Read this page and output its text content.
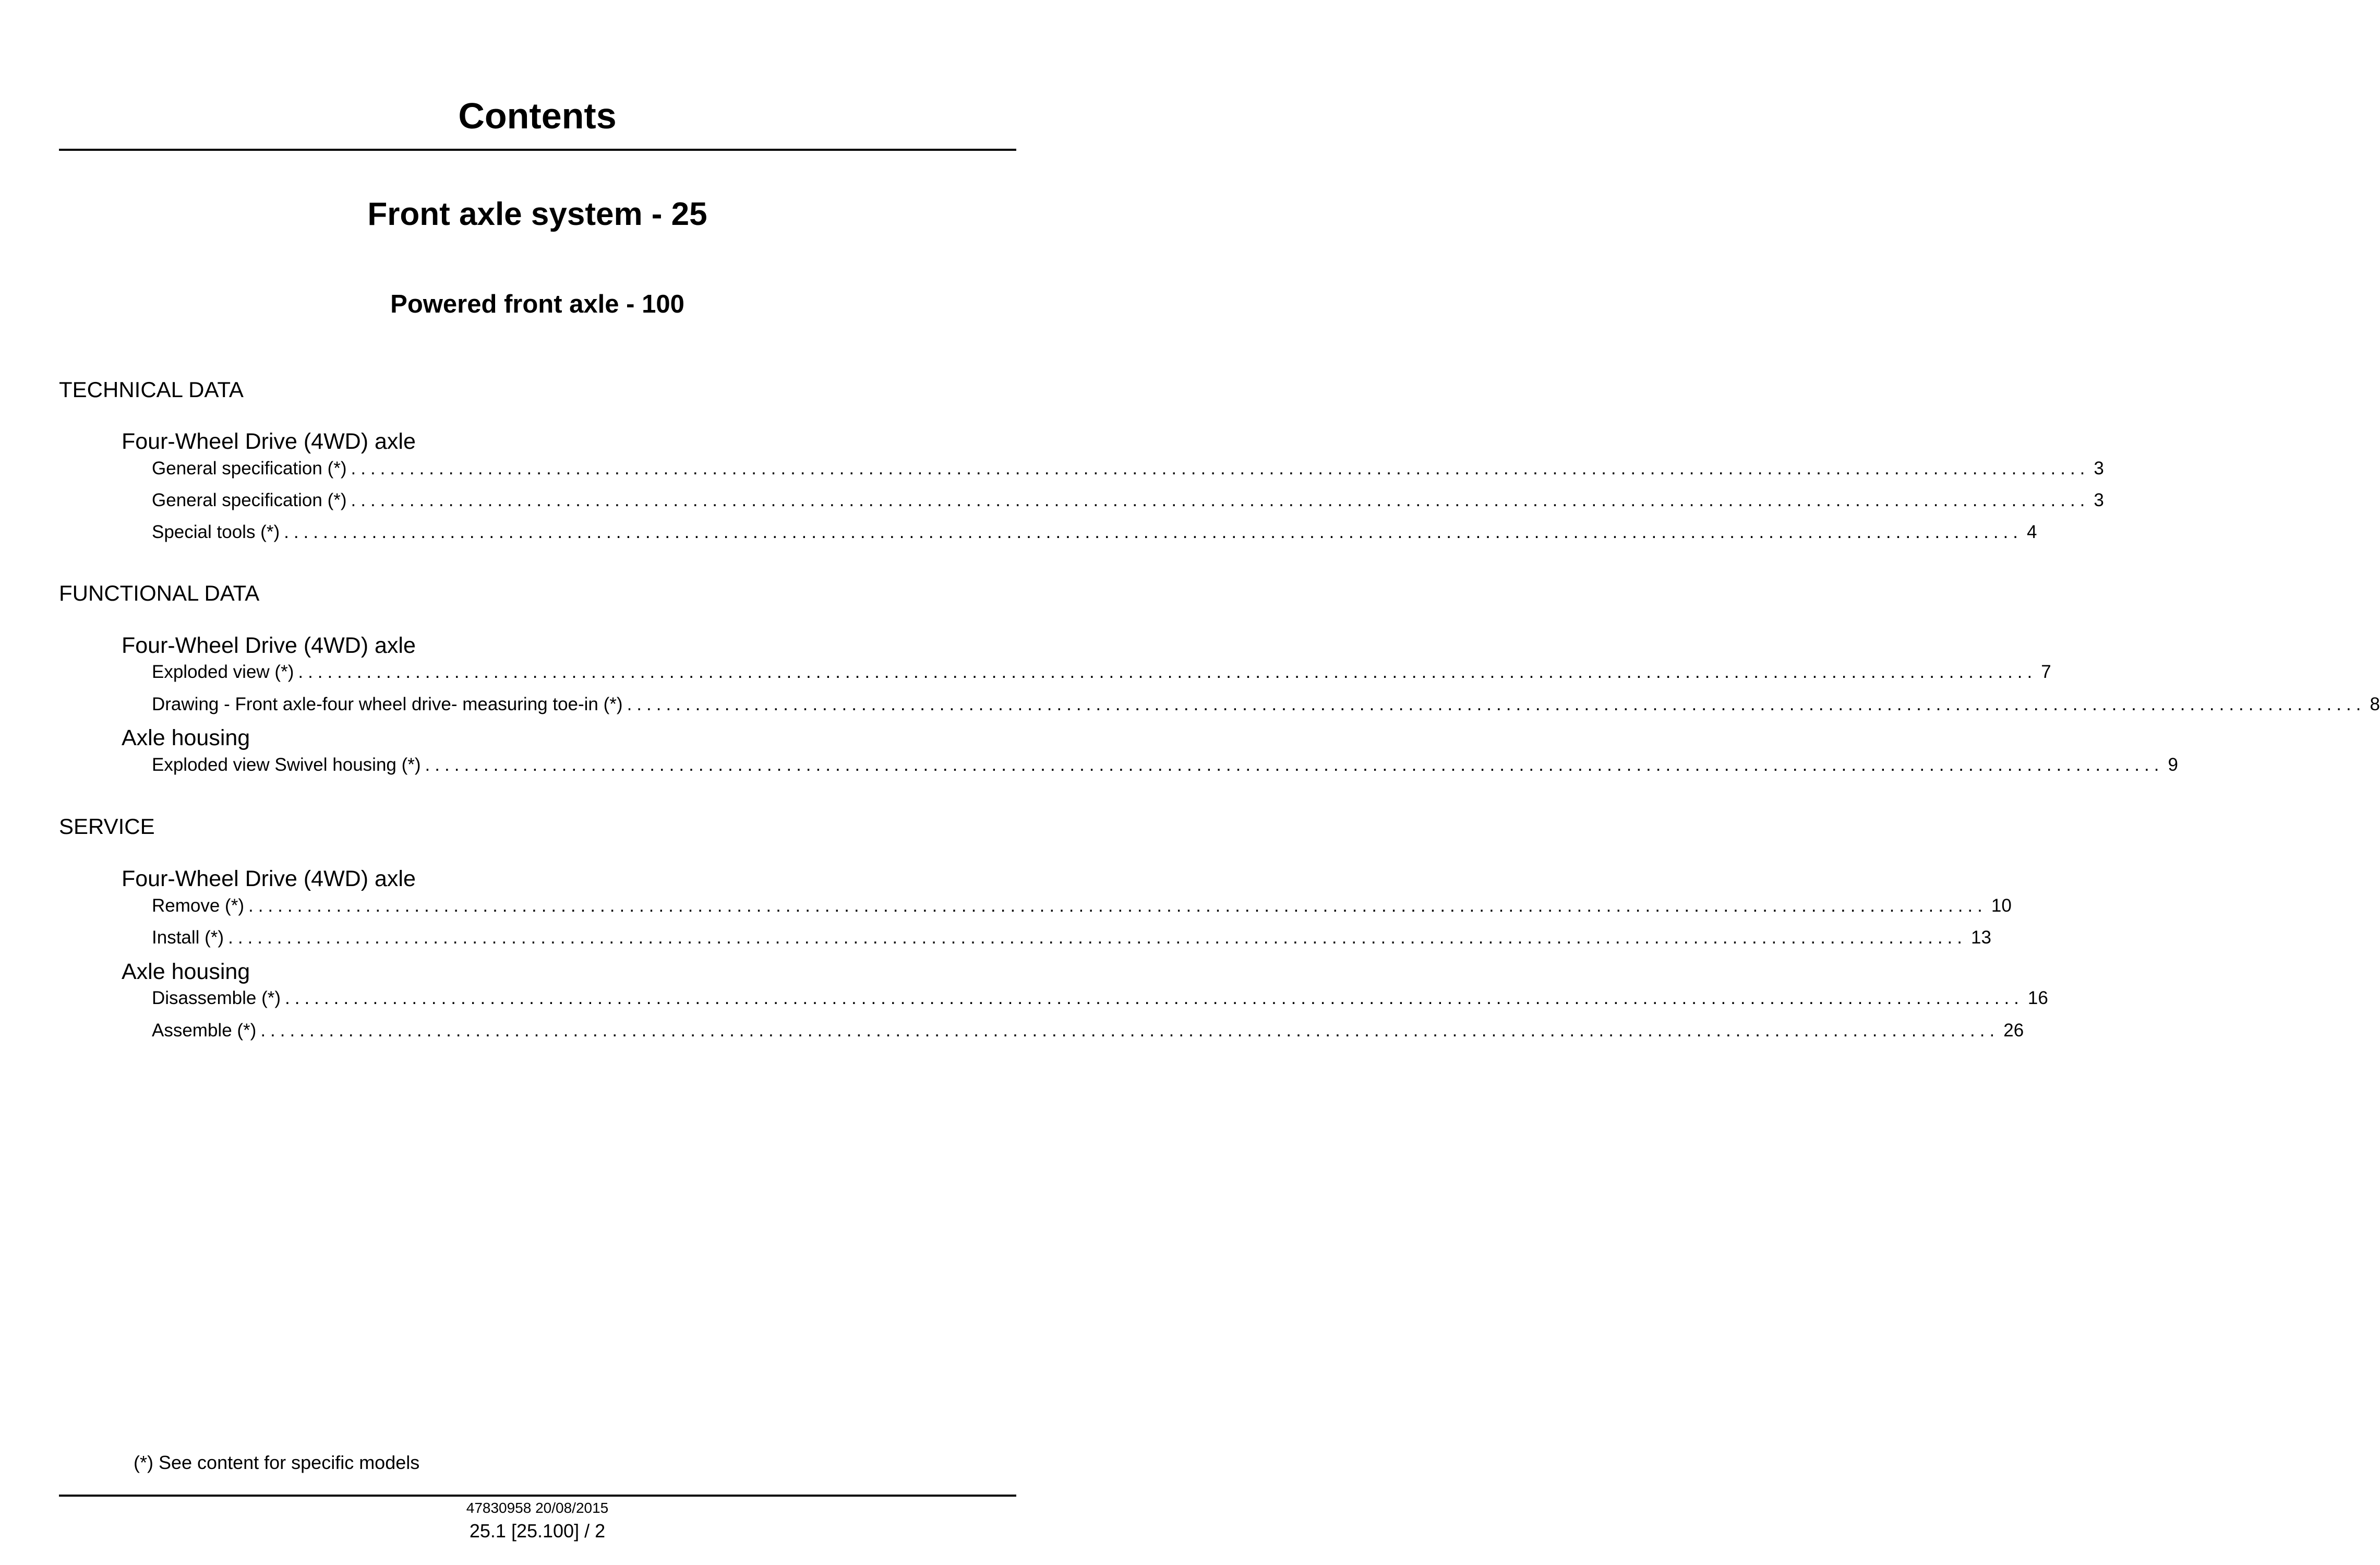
Contents
Front axle system - 25
Powered front axle - 100
TECHNICAL DATA
Four-Wheel Drive (4WD) axle
General specification (*) .................................................................................................................................................................................. 3
General specification (*) .................................................................................................................................................................................. 3
Special tools (*) .................................................................................................................................................................................. 4
FUNCTIONAL DATA
Four-Wheel Drive (4WD) axle
Exploded view (*) .................................................................................................................................................................................. 7
Drawing - Front axle-four wheel drive- measuring toe-in (*) .................................................................................................................................................................................. 8
Axle housing
Exploded view Swivel housing (*) .................................................................................................................................................................................. 9
SERVICE
Four-Wheel Drive (4WD) axle
Remove (*) .................................................................................................................................................................................. 10
Install (*) .................................................................................................................................................................................. 13
Axle housing
Disassemble (*) .................................................................................................................................................................................. 16
Assemble (*) .................................................................................................................................................................................. 26
(*) See content for specific models
47830958 20/08/2015
25.1 [25.100] / 2
